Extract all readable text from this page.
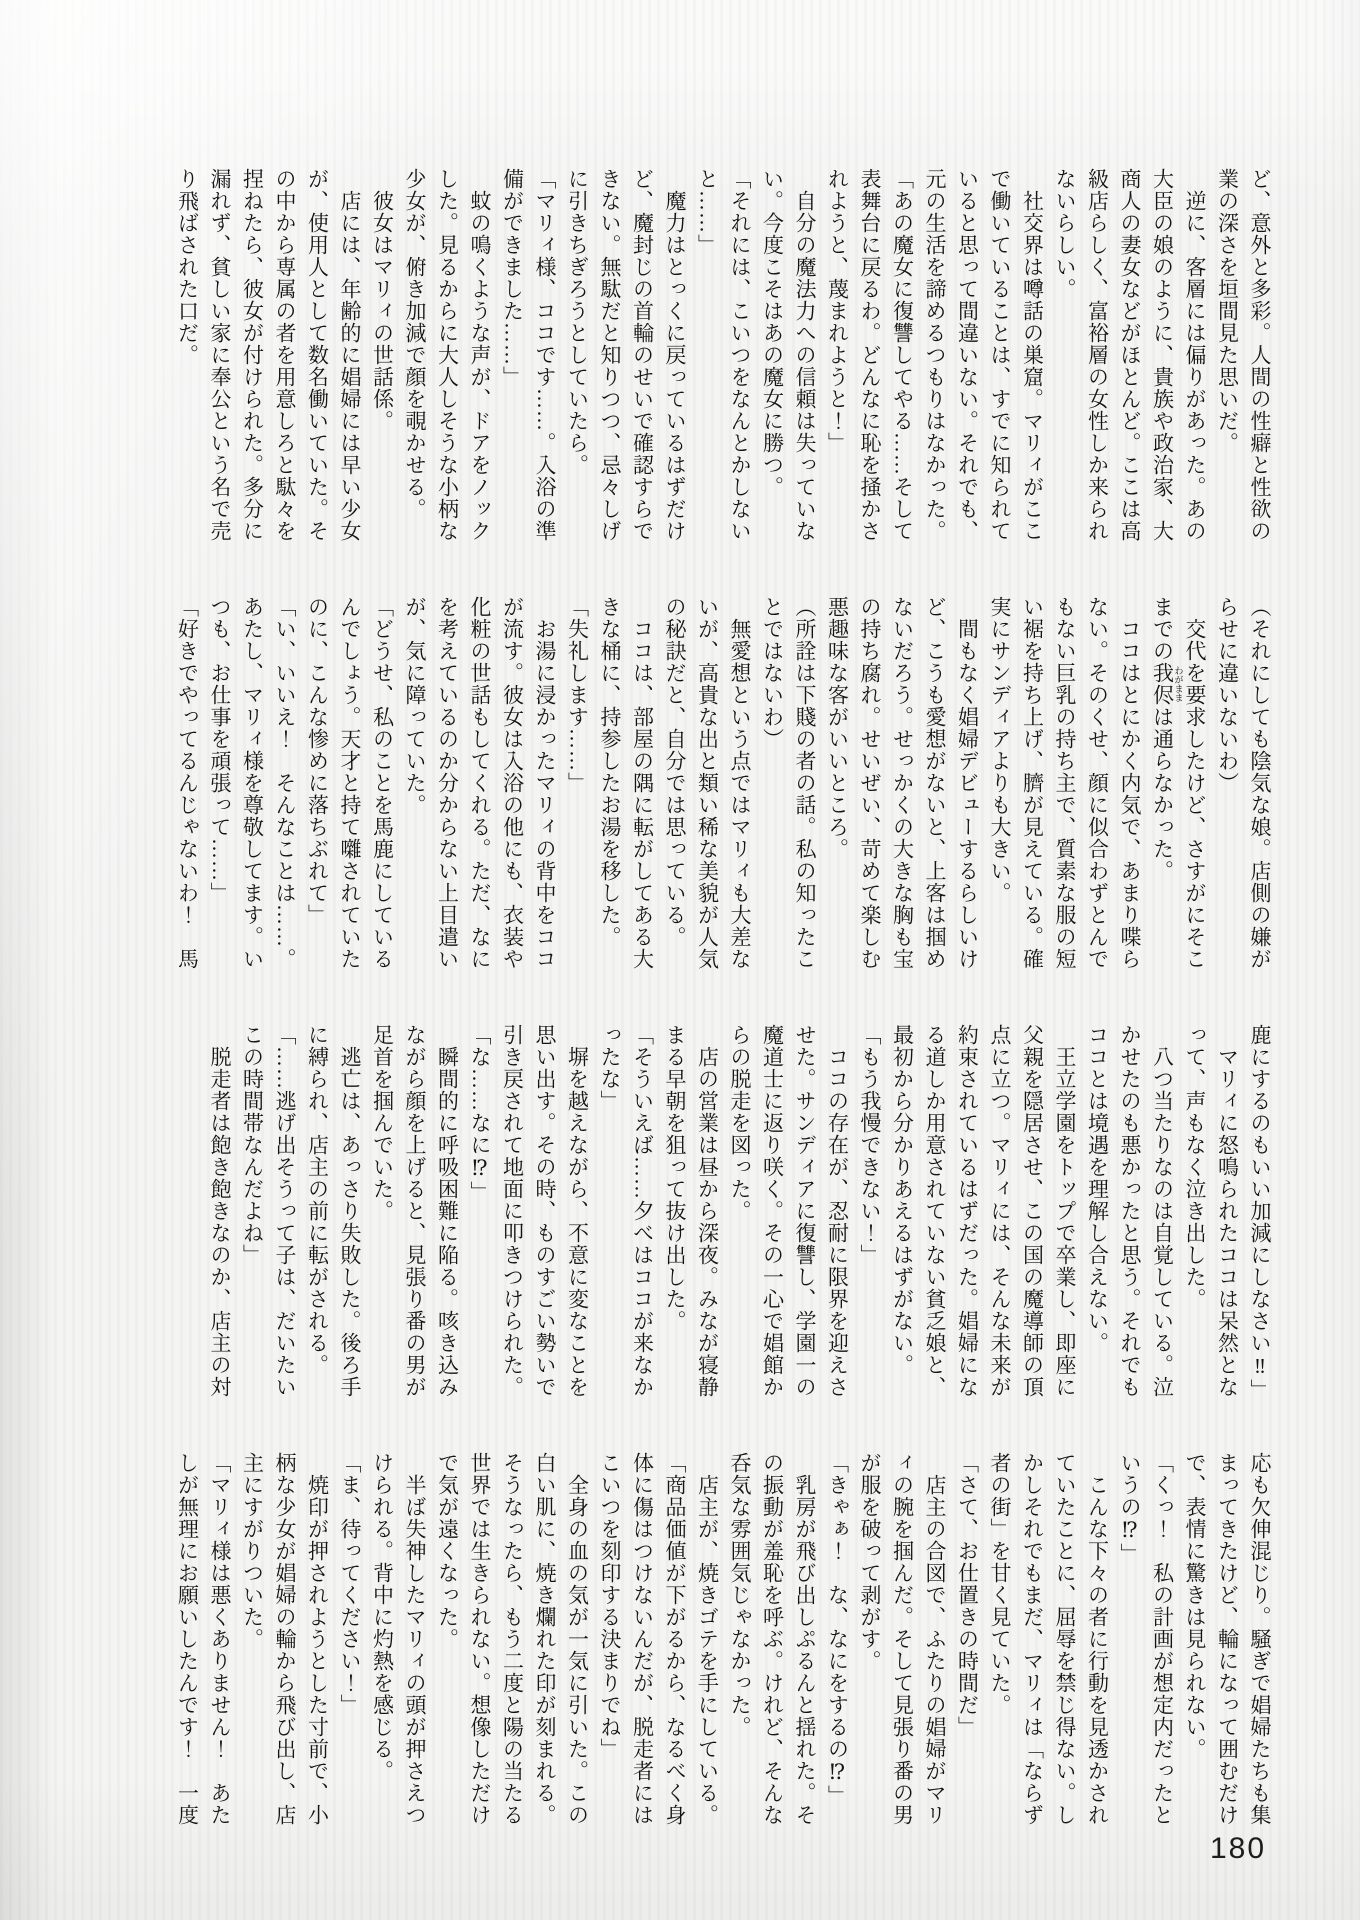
ど、意外と多彩。人間の性癖と性欲の業の深さを垣間見た思いだ。

　逆に、客層には偏りがあった。あの大臣の娘のように、貴族や政治家、大商人の妻女などがほとんど。ここは高級店らしく、富裕層の女性しか来られないらしい。

　社交界は噂話の巣窟。マリィがここで働いていることは、すでに知られていると思って間違いない。それでも、元の生活を諦めるつもりはなかった。

「あの魔女に復讐してやる……そして表舞台に戻るわ。どんなに恥を掻かされようと、蔑まれようと！」

　自分の魔法力への信頼は失っていない。今度こそはあの魔女に勝つ。

「それには、こいつをなんとかしないと……」

　魔力はとっくに戻っているはずだけど、魔封じの首輪のせいで確認すらできない。無駄だと知りつつ、忌々しげに引きちぎろうとしていたら。

「マリィ様、ココです……。入浴の準備ができました……」

　蚊の鳴くような声が、ドアをノックした。見るからに大人しそうな小柄な少女が、俯き加減で顔を覗かせる。

　彼女はマリィの世話係。

　店には、年齢的に娼婦には早い少女が、使用人として数名働いていた。その中から専属の者を用意しろと駄々を捏ねたら、彼女が付けられた。多分に漏れず、貧しい家に奉公という名で売り飛ばされた口だ。

（それにしても陰気な娘。店側の嫌がらせに違いないわ）

　交代を要求したけど、さすがにそこまでの我侭 わがままは通らなかった。

　ココはとにかく内気で、あまり喋らない。そのくせ、顔に似合わずとんでもない巨乳の持ち主で、質素な服の短い裾を持ち上げ、臍が見えている。確実にサンディアよりも大きい。

　間もなく娼婦デビューするらしいけど、こうも愛想がないと、上客は掴めないだろう。せっかくの大きな胸も宝の持ち腐れ。せいぜい、苛めて楽しむ悪趣味な客がいいところ。

（所詮は下賤の者の話。私の知ったことではないわ）

　無愛想という点ではマリィも大差ないが、高貴な出と類い稀な美貌が人気の秘訣だと、自分では思っている。

　ココは、部屋の隅に転がしてある大きな桶に、持参したお湯を移した。

「失礼します……」

　お湯に浸かったマリィの背中をココが流す。彼女は入浴の他にも、衣装や化粧の世話もしてくれる。ただ、なにを考えているのか分からない上目遣いが、気に障っていた。

「どうせ、私のことを馬鹿にしているんでしょう。天才と持て囃されていたのに、こんな惨めに落ちぶれて」

「い、いいえ！　そんなことは……。あたし、マリィ様を尊敬してます。いつも、お仕事を頑張って……」

「好きでやってるんじゃないわ！　馬

鹿にするのもいい加減にしなさい‼」

　マリィに怒鳴られたココは呆然となって、声もなく泣き出した。

　八つ当たりなのは自覚している。泣かせたのも悪かったと思う。それでもココとは境遇を理解し合えない。

　王立学園をトップで卒業し、即座に父親を隠居させ、この国の魔導師の頂点に立つ。マリィには、そんな未来が約束されているはずだった。娼婦になる道しか用意されていない貧乏娘と、最初から分かりあえるはずがない。

「もう我慢できない！」

　ココの存在が、忍耐に限界を迎えさせた。サンディアに復讐し、学園一の魔道士に返り咲く。その一心で娼館からの脱走を図った。

　店の営業は昼から深夜。みなが寝静まる早朝を狙って抜け出した。

「そういえば……夕べはココが来なかったな」

　塀を越えながら、不意に変なことを思い出す。その時、ものすごい勢いで引き戻されて地面に叩きつけられた。

「な……なに⁉」

　瞬間的に呼吸困難に陥る。咳き込みながら顔を上げると、見張り番の男が足首を掴んでいた。

　逃亡は、あっさり失敗した。後ろ手に縛られ、店主の前に転がされる。

「……逃げ出そうって子は、だいたいこの時間帯なんだよね」

　脱走者は飽き飽きなのか、店主の対

応も欠伸混じり。騒ぎで娼婦たちも集まってきたけど、輪になって囲むだけで、表情に驚きは見られない。

「くっ！　私の計画が想定内だったというの⁉」

　こんな下々の者に行動を見透かされていたことに、屈辱を禁じ得ない。しかしそれでもまだ、マリィは「ならず者の街」を甘く見ていた。

「さて、お仕置きの時間だ」

　店主の合図で、ふたりの娼婦がマリィの腕を掴んだ。そして見張り番の男が服を破って剥がす。

「きゃぁ！　な、なにをするの⁉」

　乳房が飛び出しぷるんと揺れた。その振動が羞恥を呼ぶ。けれど、そんな呑気な雰囲気じゃなかった。

　店主が、焼きゴテを手にしている。

「商品価値が下がるから、なるべく身体に傷はつけないんだが、脱走者にはこいつを刻印する決まりでね」

　全身の血の気が一気に引いた。この白い肌に、焼き爛れた印が刻まれる。そうなったら、もう二度と陽の当たる世界では生きられない。想像しただけで気が遠くなった。

　半ば失神したマリィの頭が押さえつけられる。背中に灼熱を感じる。

「ま、待ってください！」

　焼印が押されようとした寸前で、小柄な少女が娼婦の輪から飛び出し、店主にすがりついた。

「マリィ様は悪くありません！　あたしが無理にお願いしたんです！　一度

180
